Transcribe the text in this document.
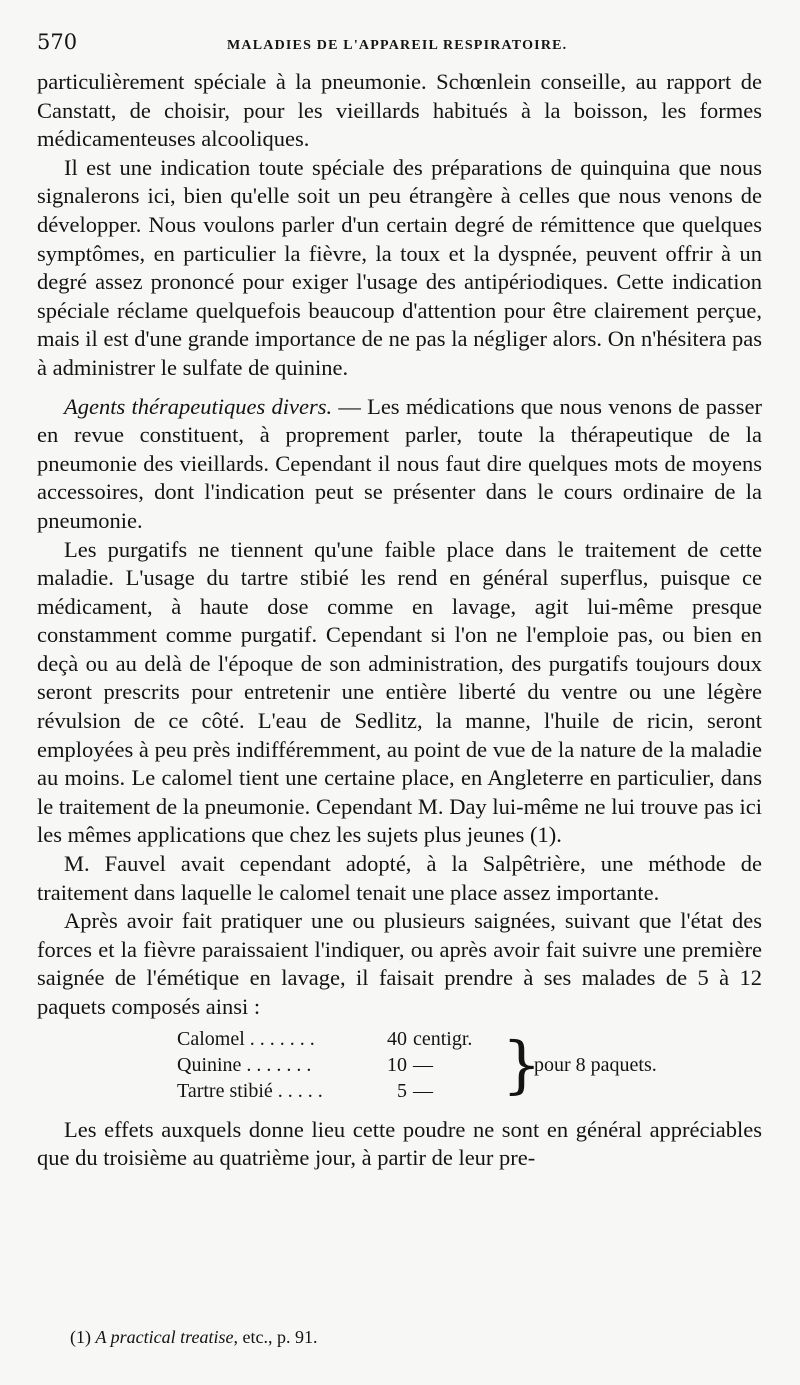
570	MALADIES DE L'APPAREIL RESPIRATOIRE.

particulièrement spéciale à la pneumonie. Schœnlein conseille, au rapport de Canstatt, de choisir, pour les vieillards habitués à la boisson, les formes médicamenteuses alcooliques.

Il est une indication toute spéciale des préparations de quinquina que nous signalerons ici, bien qu'elle soit un peu étrangère à celles que nous venons de développer. Nous voulons parler d'un certain degré de rémittence que quelques symptômes, en particulier la fièvre, la toux et la dyspnée, peuvent offrir à un degré assez prononcé pour exiger l'usage des antipériodiques. Cette indication spéciale réclame quelquefois beaucoup d'attention pour être clairement perçue, mais il est d'une grande importance de ne pas la négliger alors. On n'hésitera pas à administrer le sulfate de quinine.

Agents thérapeutiques divers. — Les médications que nous venons de passer en revue constituent, à proprement parler, toute la thérapeutique de la pneumonie des vieillards. Cependant il nous faut dire quelques mots de moyens accessoires, dont l'indication peut se présenter dans le cours ordinaire de la pneumonie.

Les purgatifs ne tiennent qu'une faible place dans le traitement de cette maladie. L'usage du tartre stibié les rend en général superflus, puisque ce médicament, à haute dose comme en lavage, agit lui-même presque constamment comme purgatif. Cependant si l'on ne l'emploie pas, ou bien en deçà ou au delà de l'époque de son administration, des purgatifs toujours doux seront prescrits pour entretenir une entière liberté du ventre ou une légère révulsion de ce côté. L'eau de Sedlitz, la manne, l'huile de ricin, seront employées à peu près indifféremment, au point de vue de la nature de la maladie au moins. Le calomel tient une certaine place, en Angleterre en particulier, dans le traitement de la pneumonie. Cependant M. Day lui-même ne lui trouve pas ici les mêmes applications que chez les sujets plus jeunes (1).

M. Fauvel avait cependant adopté, à la Salpêtrière, une méthode de traitement dans laquelle le calomel tenait une place assez importante.

Après avoir fait pratiquer une ou plusieurs saignées, suivant que l'état des forces et la fièvre paraissaient l'indiquer, ou après avoir fait suivre une première saignée de l'émétique en lavage, il faisait prendre à ses malades de 5 à 12 paquets composés ainsi :

Calomel . . . . . . .	40 centigr.
Quinine . . . . . . .	10 —
Tartre stibié . . . . .	5 —	}
pour 8 paquets.

Les effets auxquels donne lieu cette poudre ne sont en général appréciables que du troisième au quatrième jour, à partir de leur pre-

(1) A practical treatise, etc., p. 91.
